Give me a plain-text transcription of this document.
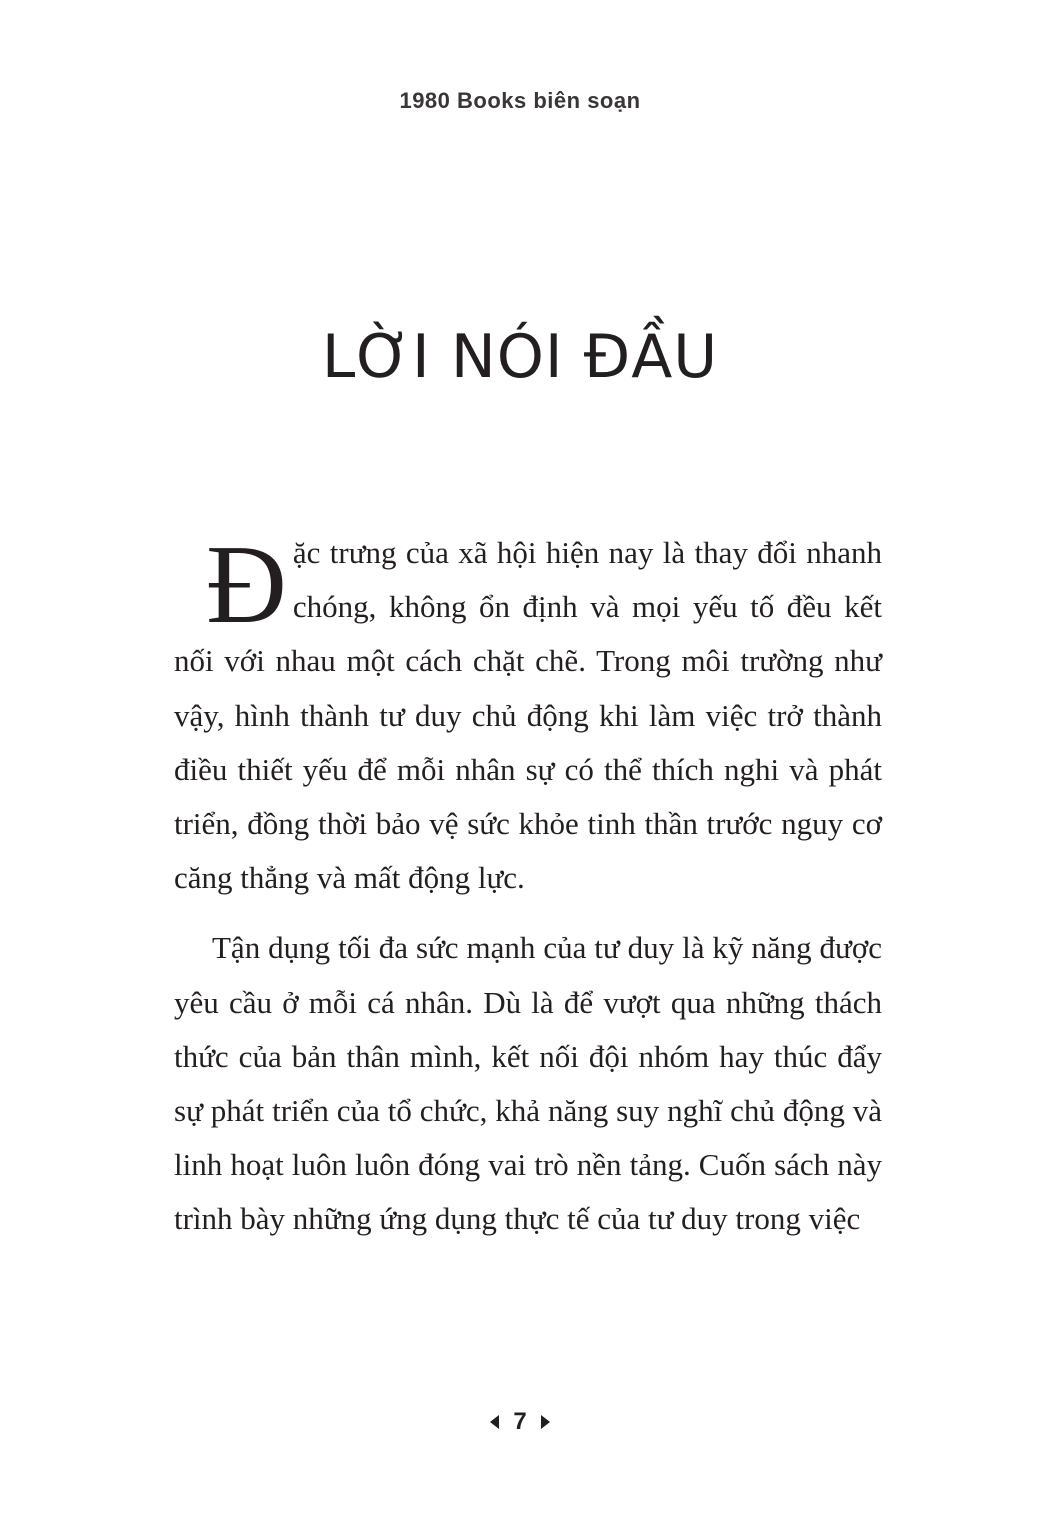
1980 Books biên soạn
LỜI NÓI ĐẦU

Đặc trưng của xã hội hiện nay là thay đổi nhanh chóng, không ổn định và mọi yếu tố đều kết nối với nhau một cách chặt chẽ. Trong môi trường như vậy, hình thành tư duy chủ động khi làm việc trở thành điều thiết yếu để mỗi nhân sự có thể thích nghi và phát triển, đồng thời bảo vệ sức khỏe tinh thần trước nguy cơ căng thẳng và mất động lực.

Tận dụng tối đa sức mạnh của tư duy là kỹ năng được yêu cầu ở mỗi cá nhân. Dù là để vượt qua những thách thức của bản thân mình, kết nối đội nhóm hay thúc đẩy sự phát triển của tổ chức, khả năng suy nghĩ chủ động và linh hoạt luôn luôn đóng vai trò nền tảng. Cuốn sách này trình bày những ứng dụng thực tế của tư duy trong việc

7
